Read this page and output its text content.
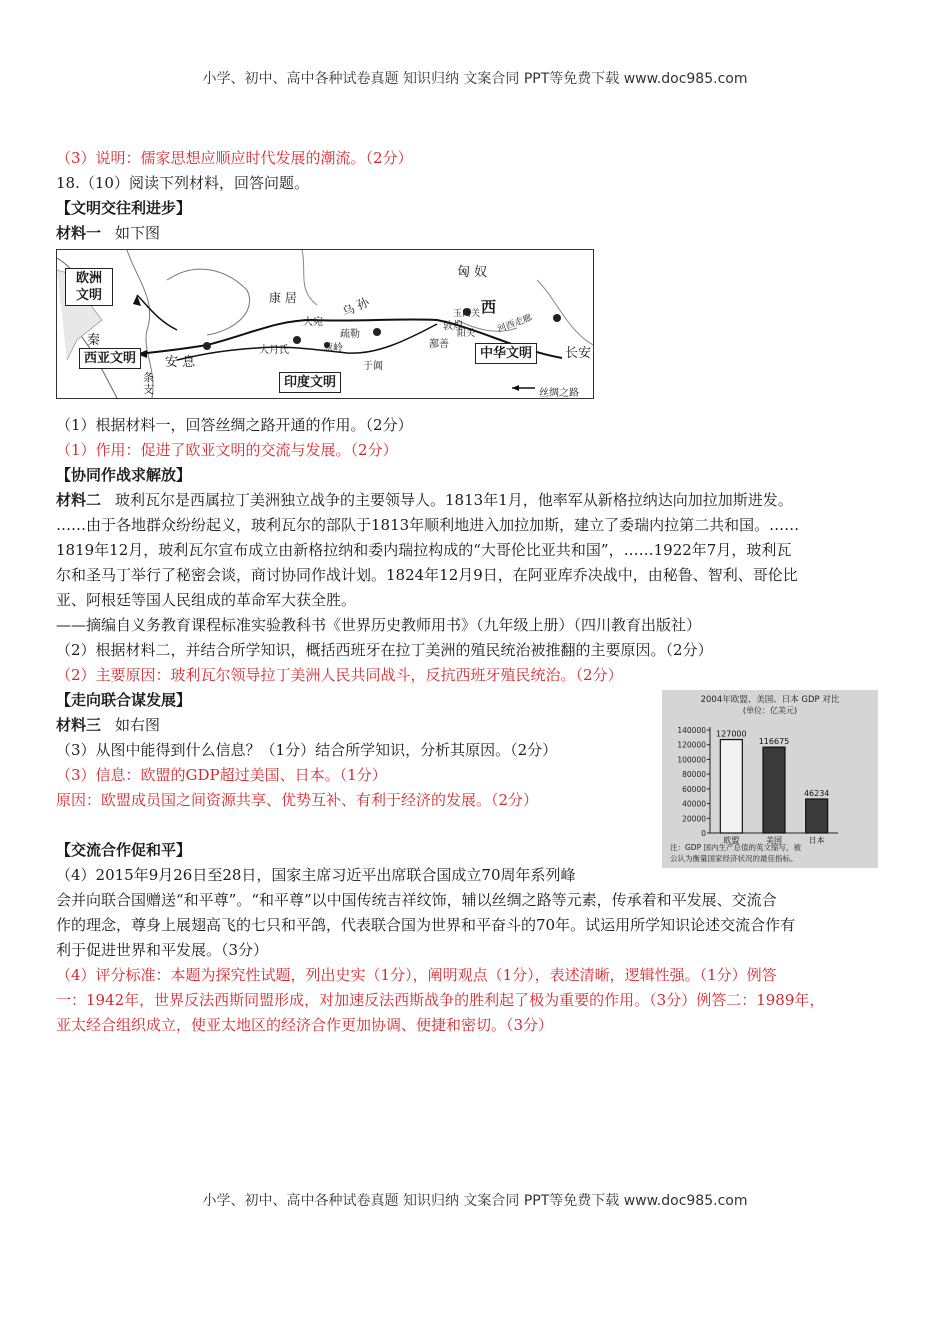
小学、初中、高中各种试卷真题 知识归纳 文案合同 PPT等免费下载 www.doc985.com
（3）说明：儒家思想应顺应时代发展的潮流。（2分）
18.（10）阅读下列材料，回答问题。
【文明交往利进步】
材料一 如下图
欧洲文明
西亚文明
印度文明
中华文明
匈 奴
安 息
康 居	乌 孙
秦
西
长安
条支
大宛
大月氏
疏勒
葱岭
于阗
鄯善
敦煌
玉门关
阳关 河西走廊
丝绸之路
（1）根据材料一，回答丝绸之路开通的作用。（2分）
（1）作用：促进了欧亚文明的交流与发展。（2分）
【协同作战求解放】
材料二 玻利瓦尔是西属拉丁美洲独立战争的主要领导人。1813年1月，他率军从新格拉纳达向加拉加斯进发。
……由于各地群众纷纷起义，玻利瓦尔的部队于1813年顺利地进入加拉加斯，建立了委瑞内拉第二共和国。……
1819年12月，玻利瓦尔宣布成立由新格拉纳和委内瑞拉构成的“大哥伦比亚共和国”，……1922年7月，玻利瓦
尔和圣马丁举行了秘密会谈，商讨协同作战计划。1824年12月9日，在阿亚库乔决战中，由秘鲁、智利、哥伦比
亚、阿根廷等国人民组成的革命军大获全胜。
——摘编自义务教育课程标准实验教科书《世界历史教师用书》（九年级上册）（四川教育出版社）
（2）根据材料二，并结合所学知识，概括西班牙在拉丁美洲的殖民统治被推翻的主要原因。（2分）
（2）主要原因：玻利瓦尔领导拉丁美洲人民共同战斗，反抗西班牙殖民统治。（2分）
【走向联合谋发展】
材料三 如右图
（3）从图中能得到什么信息？（1分）结合所学知识，分析其原因。（2分）
（3）信息：欧盟的GDP超过美国、日本。（1分）
原因：欧盟成员国之间资源共享、优势互补、有利于经济的发展。（2分）
【交流合作促和平】
（4）2015年9月26日至28日，国家主席习近平出席联合国成立70周年系列峰
会并向联合国赠送“和平尊”。“和平尊”以中国传统吉祥纹饰，辅以丝绸之路等元素，传承着和平发展、交流合
作的理念，尊身上展翅高飞的七只和平鸽，代表联合国为世界和平奋斗的70年。试运用所学知识论述交流合作有
利于促进世界和平发展。（3分）
（4）评分标准：本题为探究性试题，列出史实（1分），阐明观点（1分），表述清晰，逻辑性强。（1分）例答
一：1942年，世界反法西斯同盟形成，对加速反法西斯战争的胜利起了极为重要的作用。（3分）例答二：1989年，
亚太经合组织成立，使亚太地区的经济合作更加协调、便捷和密切。（3分）
2004年欧盟、美国、日本 GDP 对比
(单位：亿美元)
0
20000
40000
60000
80000
100000
120000
140000 127000
欧盟
116675
美国
46234
日本
注：GDP 国内生产总值的英文缩写，被
公认为衡量国家经济状况的最佳指标。
小学、初中、高中各种试卷真题 知识归纳 文案合同 PPT等免费下载 www.doc985.com
